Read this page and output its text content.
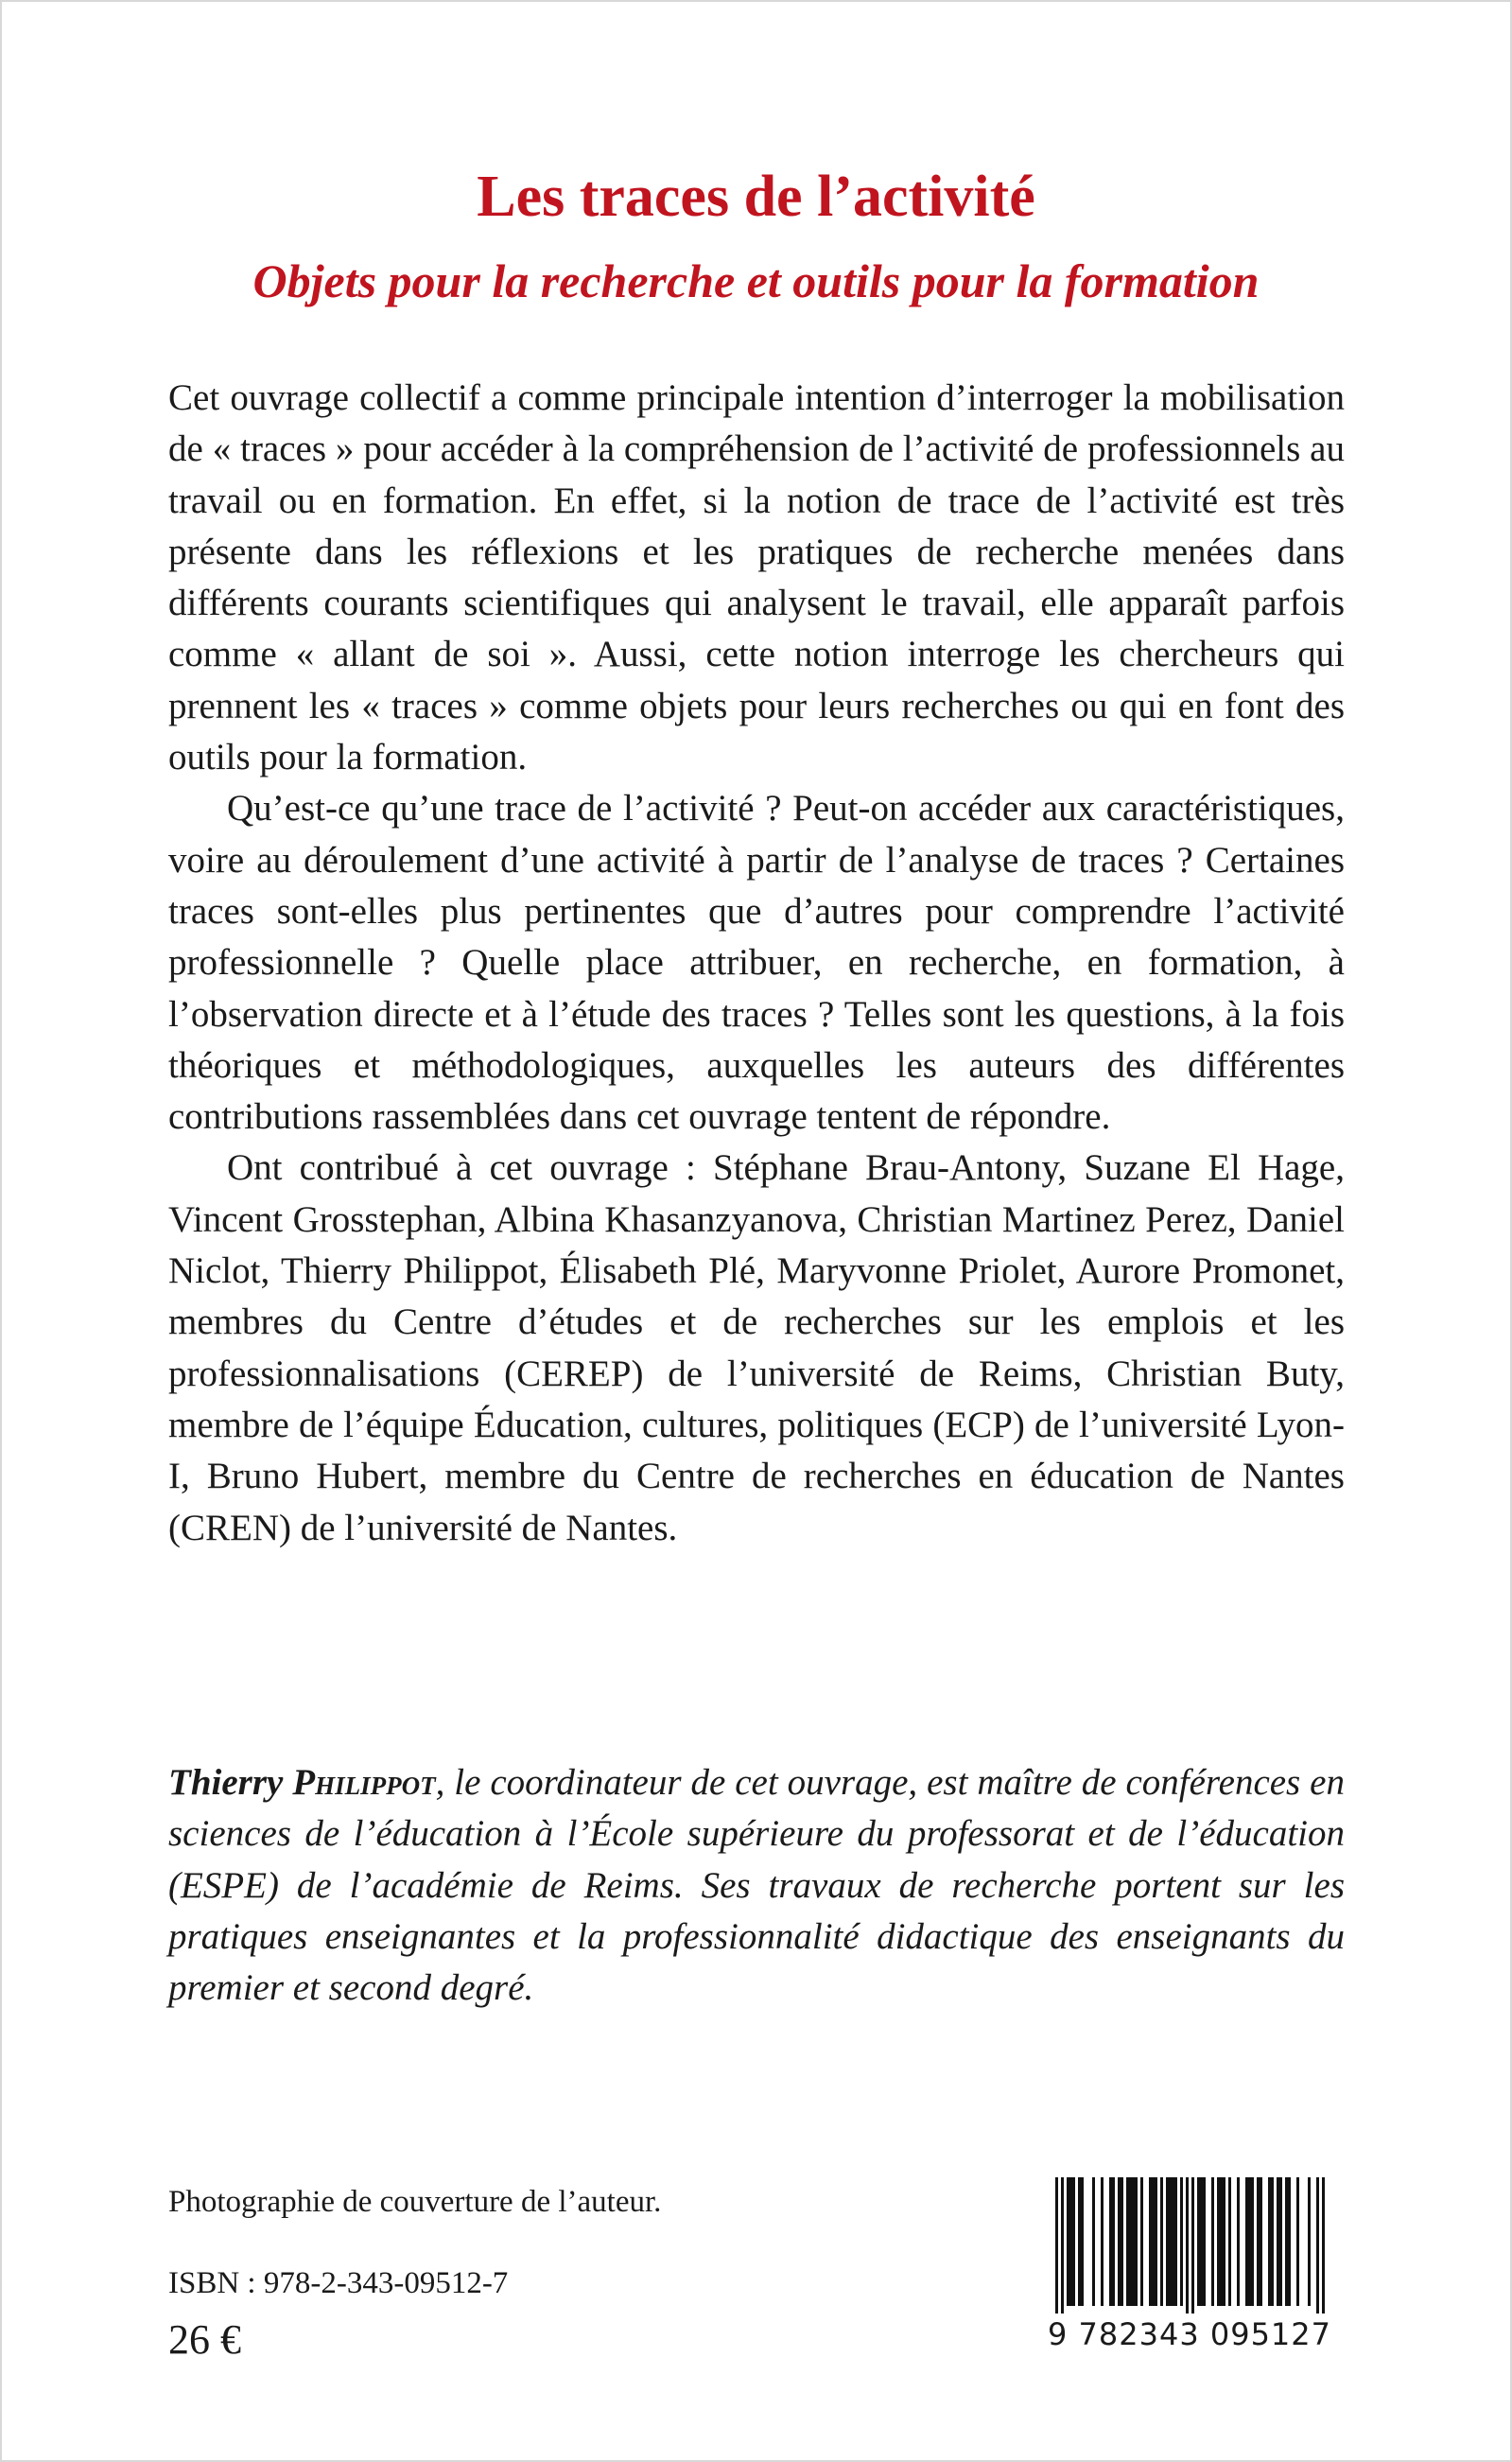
Les traces de l’activité
Objets pour la recherche et outils pour la formation

Cet ouvrage collectif a comme principale intention d’interroger la mobilisation de « traces » pour accéder à la compréhension de l’activité de professionnels au travail ou en formation. En effet, si la notion de trace de l’activité est très présente dans les réflexions et les pratiques de recherche menées dans différents courants scientifiques qui analysent le travail, elle apparaît parfois comme « allant de soi ». Aussi, cette notion interroge les chercheurs qui prennent les « traces » comme objets pour leurs recherches ou qui en font des outils pour la formation.

Qu’est-ce qu’une trace de l’activité ? Peut-on accéder aux caractéristiques, voire au déroulement d’une activité à partir de l’analyse de traces ? Certaines traces sont-elles plus pertinentes que d’autres pour comprendre l’activité professionnelle ? Quelle place attribuer, en recherche, en formation, à l’observation directe et à l’étude des traces ? Telles sont les questions, à la fois théoriques et méthodologiques, auxquelles les auteurs des différentes contributions rassemblées dans cet ouvrage tentent de répondre.

Ont contribué à cet ouvrage : Stéphane Brau-Antony, Suzane El Hage, Vincent Grosstephan, Albina Khasanzyanova, Christian Martinez Perez, Daniel Niclot, Thierry Philippot, Élisabeth Plé, Maryvonne Priolet, Aurore Promonet, membres du Centre d’études et de recherches sur les emplois et les professionnalisations (CEREP) de l’université de Reims, Christian Buty, membre de l’équipe Éducation, cultures, politiques (ECP) de l’université Lyon-I, Bruno Hubert, membre du Centre de recherches en éducation de Nantes (CREN) de l’université de Nantes.

Thierry Philippot, le coordinateur de cet ouvrage, est maître de conférences en sciences de l’éducation à l’École supérieure du professorat et de l’éducation (ESPE) de l’académie de Reims. Ses travaux de recherche portent sur les pratiques enseignantes et la professionnalité didactique des enseignants du premier et second degré.

Photographie de couverture de l’auteur.

ISBN : 978-2-343-09512-7

26 €	9 782343 095127
